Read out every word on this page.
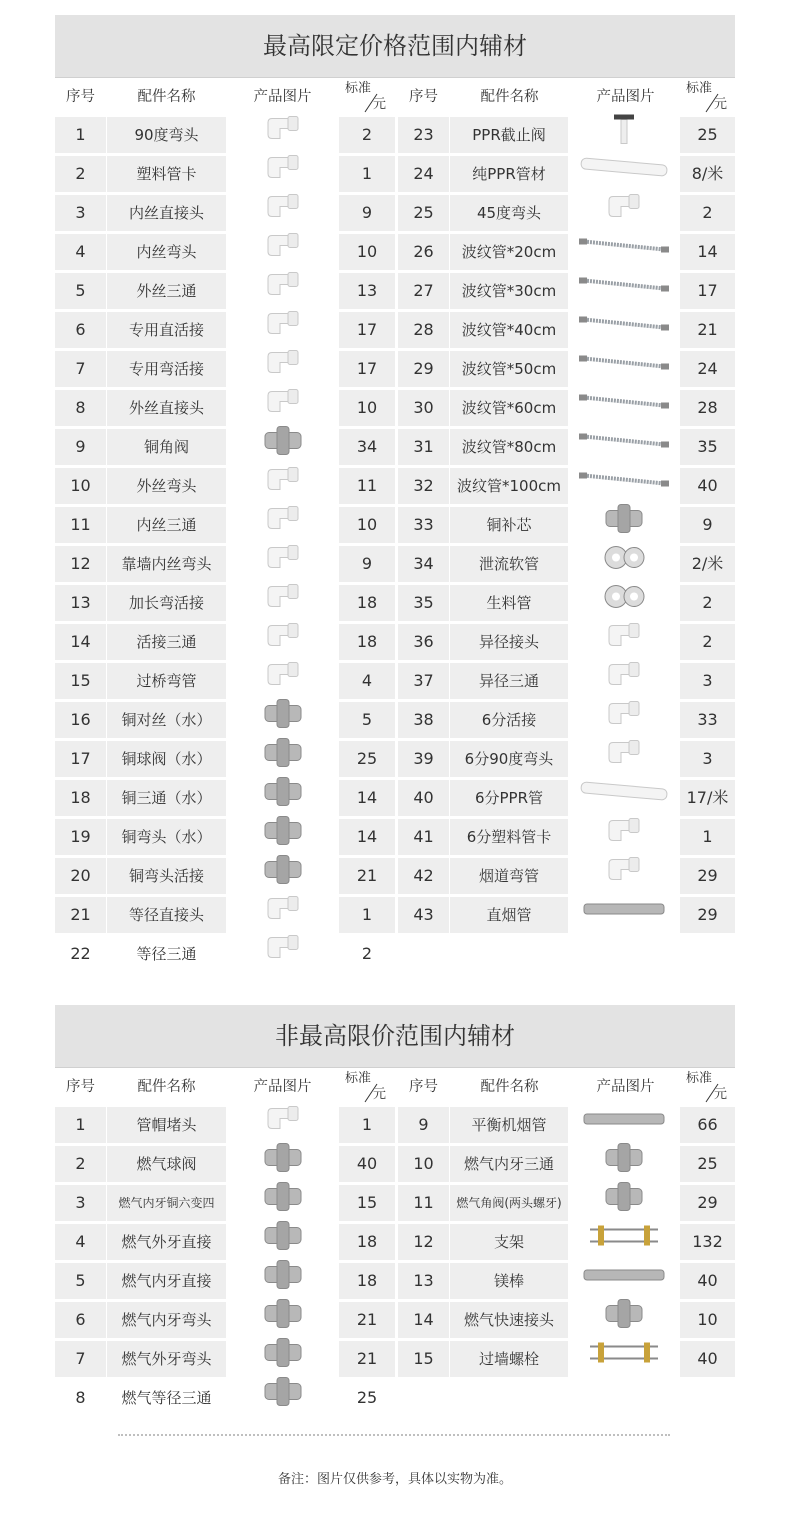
最高限定价格范围内辅材
序号	配件名称	产品图片
标准
元
1	90度弯头	2
2	塑料管卡	1
3	内丝直接头	9
4	内丝弯头	10
5	外丝三通	13
6	专用直活接	17
7	专用弯活接	17
8	外丝直接头	10
9	铜角阀	34
10	外丝弯头	11
11	内丝三通	10
12	靠墙内丝弯头	9
13	加长弯活接	18
14	活接三通	18
15	过桥弯管	4
16	铜对丝（水）	5
17	铜球阀（水）	25
18	铜三通（水）	14
19	铜弯头（水）	14
20	铜弯头活接	21
21	等径直接头	1
22	等径三通	2
序号	配件名称	产品图片
标准
元
23	PPR截止阀	25
24	纯PPR管材	8/米
25	45度弯头	2
26	波纹管*20cm	14
27	波纹管*30cm	17
28	波纹管*40cm	21
29	波纹管*50cm	24
30	波纹管*60cm	28
31	波纹管*80cm	35
32	波纹管*100cm	40
33	铜补芯	9
34	泄流软管	2/米
35	生料管	2
36	异径接头	2
37	异径三通	3
38	6分活接	33
39	6分90度弯头	3
40	6分PPR管	17/米
41	6分塑料管卡	1
42	烟道弯管	29
43	直烟管	29
非最高限价范围内辅材
序号	配件名称	产品图片
标准
元
1	管帽堵头	1
2	燃气球阀	40
3	燃气内牙铜六变四	15
4	燃气外牙直接	18
5	燃气内牙直接	18
6	燃气内牙弯头	21
7	燃气外牙弯头	21
8	燃气等径三通	25
序号	配件名称	产品图片
标准
元
9	平衡机烟管	66
10	燃气内牙三通	25
11	燃气角阀(两头螺牙)	29
12	支架	132
13	镁棒	40
14	燃气快速接头	10
15	过墙螺栓	40
备注：图片仅供参考，具体以实物为准。
